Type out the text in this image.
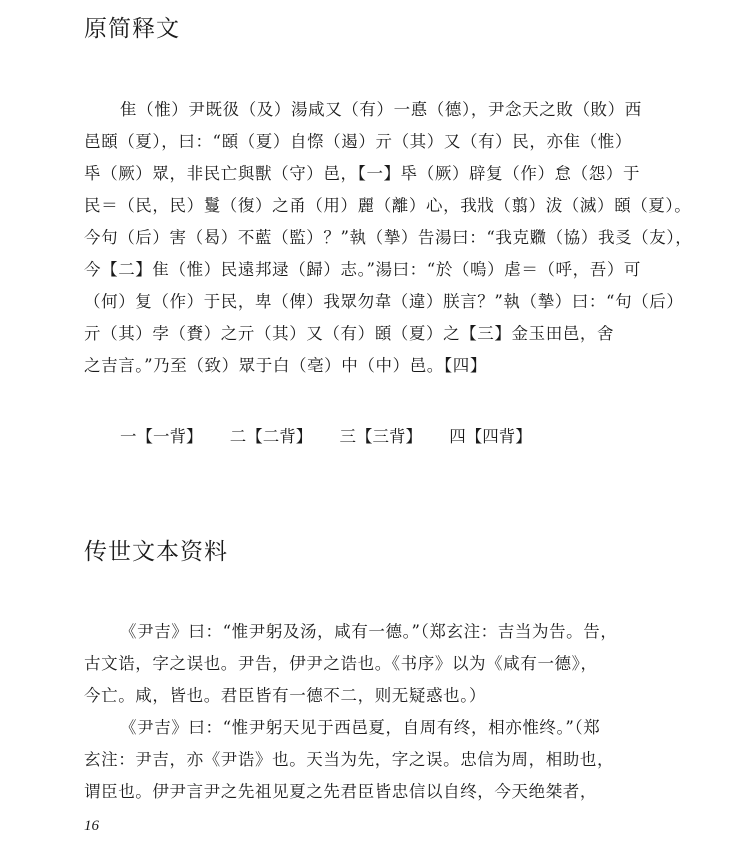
原简释文
隹（惟）尹既彶（及）湯咸又（有）一悳（德），尹念天之敗（敗）西
邑頣（夏），曰：“頣（夏）自憏（遏）亓（其）又（有）民，亦隹（惟）
氒（厥）眾，非民亡與獸（守）邑，【一】氒（厥）辟复（作）怠（怨）于
民＝（民，民）鬘（復）之甬（用）麗（離）心，我戕（翦）沷（滅）頣（夏）。
今句（后）害（曷）不藍（監）？”執（摯）告湯曰：“我克覹（協）我㕛（友），
今【二】隹（惟）民遠邦逯（歸）志。”湯曰：“於（嗚）虐＝（呼，吾）可
（何）复（作）于民，卑（俾）我眾勿韋（違）朕言？”執（摯）曰：“句（后）
亓（其）孛（賚）之亓（其）又（有）頣（夏）之【三】金玉田邑，舍
之吉言。”乃至（致）眾于白（亳）中（中）邑。【四】
一【一背】 二【二背】 三【三背】 四【四背】
传世文本资料
《尹吉》曰：“惟尹躬及汤，咸有一德。”（郑玄注：吉当为告。告，
古文诰，字之误也。尹告，伊尹之诰也。《书序》以为《咸有一德》，
今亡。咸，皆也。君臣皆有一德不二，则无疑惑也。）
《尹吉》曰：“惟尹躬天见于西邑夏，自周有终，相亦惟终。”（郑
玄注：尹吉，亦《尹诰》也。天当为先，字之误。忠信为周，相助也，
谓臣也。伊尹言尹之先祖见夏之先君臣皆忠信以自终，今天绝桀者，
16
